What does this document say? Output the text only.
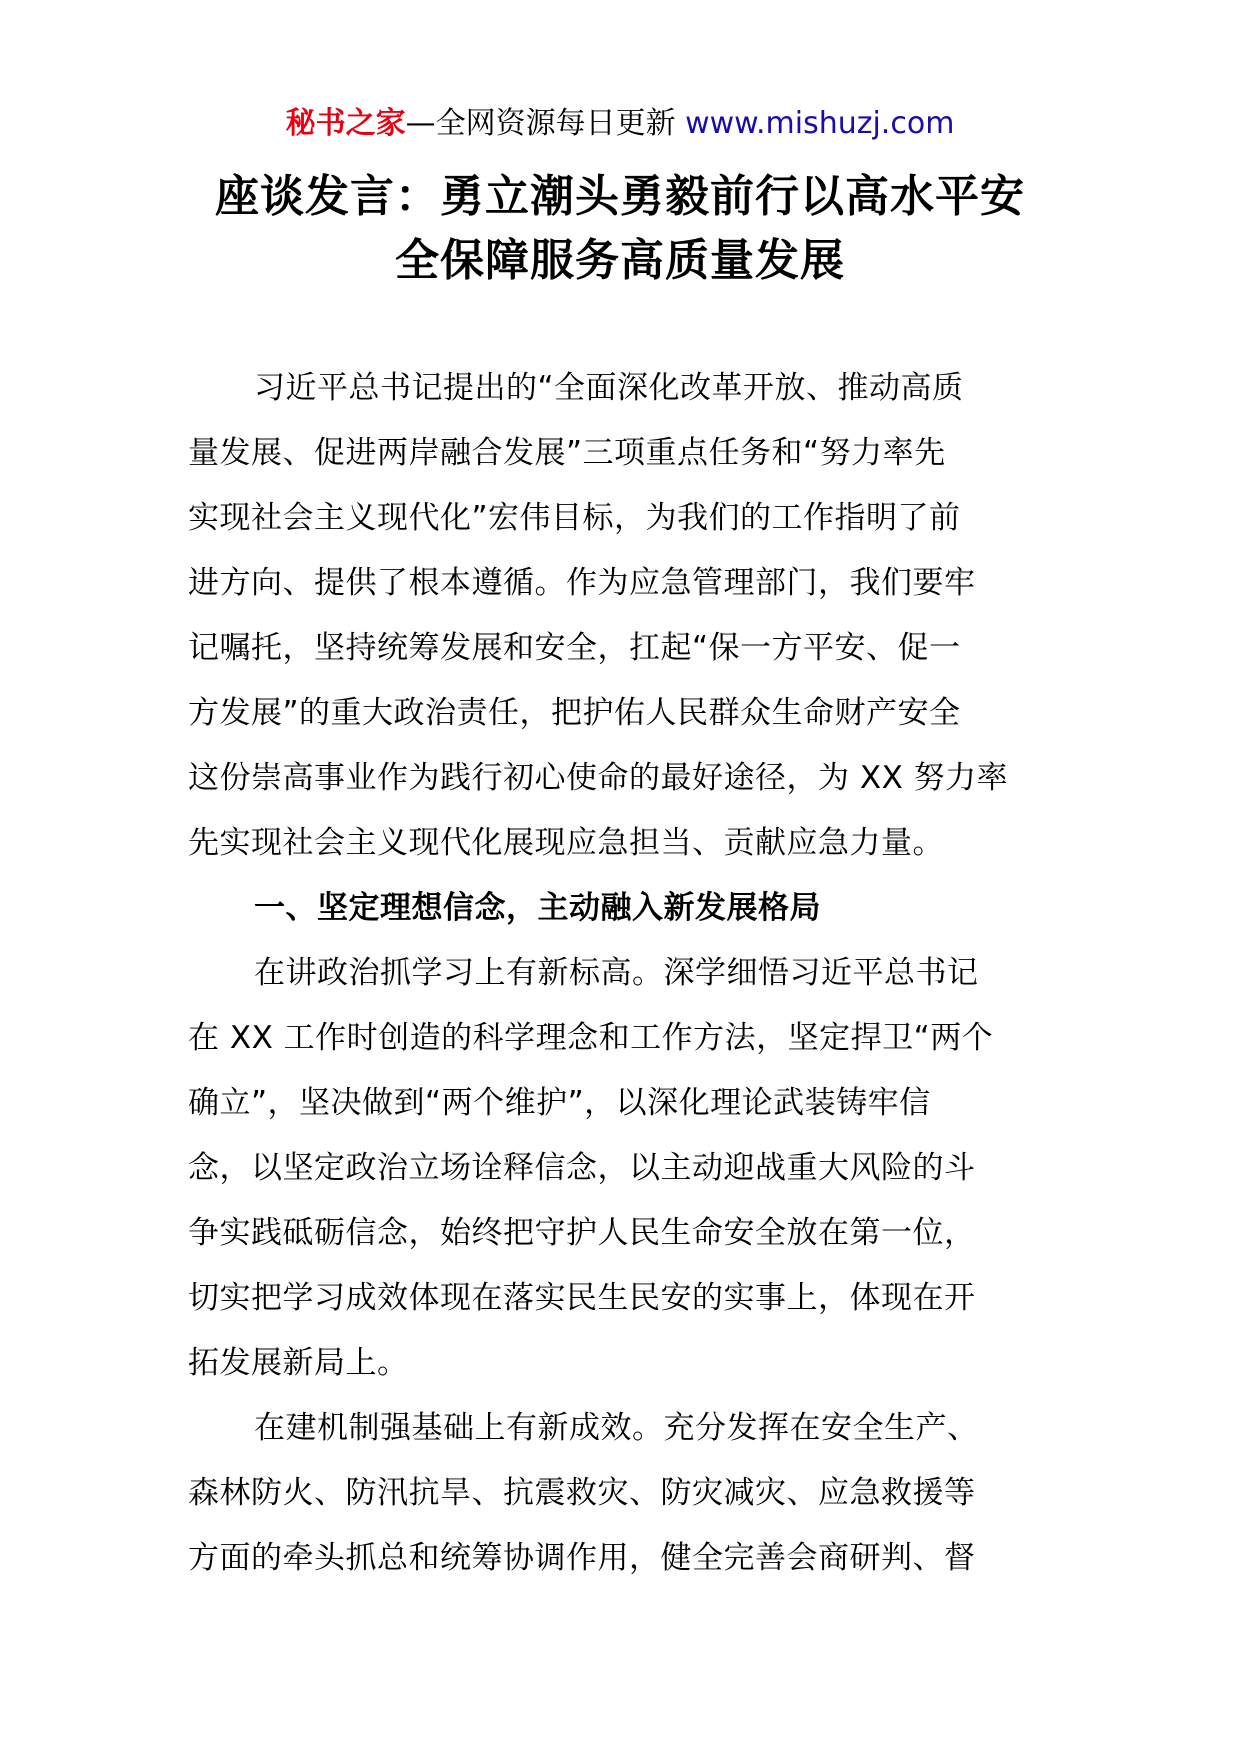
秘书之家—全网资源每日更新 www.mishuzj.com
座谈发言：勇立潮头勇毅前行以高水平安
全保障服务高质量发展
习近平总书记提出的“全面深化改革开放、推动高质
量发展、促进两岸融合发展”三项重点任务和“努力率先
实现社会主义现代化”宏伟目标，为我们的工作指明了前
进方向、提供了根本遵循。作为应急管理部门，我们要牢
记嘱托，坚持统筹发展和安全，扛起“保一方平安、促一
方发展”的重大政治责任，把护佑人民群众生命财产安全
这份崇高事业作为践行初心使命的最好途径，为 XX 努力率
先实现社会主义现代化展现应急担当、贡献应急力量。
一、坚定理想信念，主动融入新发展格局
在讲政治抓学习上有新标高。深学细悟习近平总书记
在 XX 工作时创造的科学理念和工作方法，坚定捍卫“两个
确立”，坚决做到“两个维护”，以深化理论武装铸牢信
念，以坚定政治立场诠释信念，以主动迎战重大风险的斗
争实践砥砺信念，始终把守护人民生命安全放在第一位，
切实把学习成效体现在落实民生民安的实事上，体现在开
拓发展新局上。
在建机制强基础上有新成效。充分发挥在安全生产、
森林防火、防汛抗旱、抗震救灾、防灾减灾、应急救援等
方面的牵头抓总和统筹协调作用，健全完善会商研判、督
